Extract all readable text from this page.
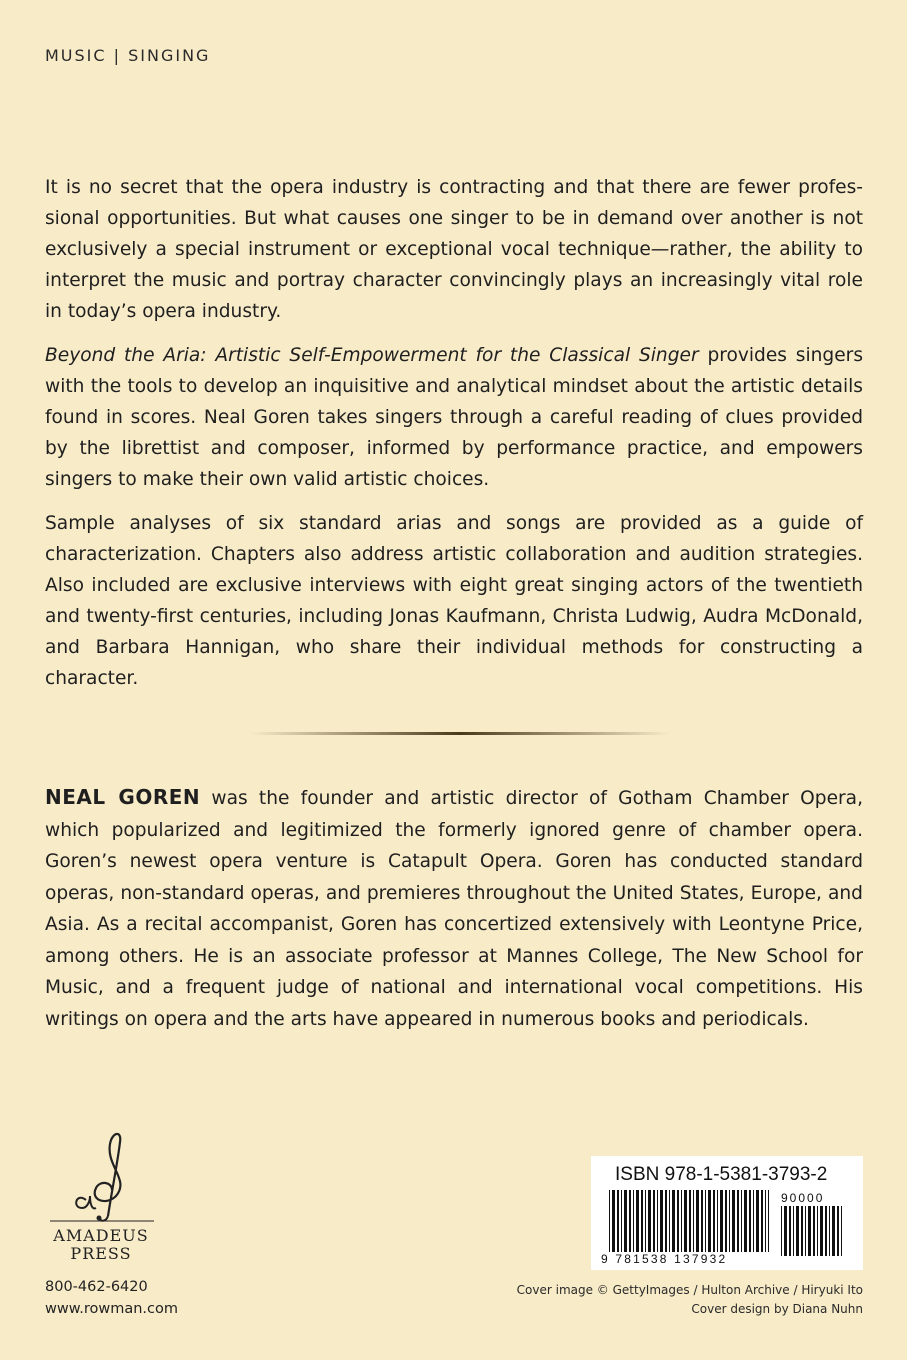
MUSIC | SINGING

It is no secret that the opera industry is contracting and that there are fewer professional opportunities. But what causes one singer to be in demand over another is not exclusively a special instrument or exceptional vocal technique—rather, the ability to interpret the music and portray character convincingly plays an increasingly vital role in today’s opera industry.

Beyond the Aria: Artistic Self-Empowerment for the Classical Singer provides singers with the tools to develop an inquisitive and analytical mindset about the artistic details found in scores. Neal Goren takes singers through a careful reading of clues provided by the librettist and composer, informed by performance practice, and empowers singers to make their own valid artistic choices.

Sample analyses of six standard arias and songs are provided as a guide of characterization. Chapters also address artistic collaboration and audition strategies. Also included are exclusive interviews with eight great singing actors of the twentieth and twenty-first centuries, including Jonas Kaufmann, Christa Ludwig, Audra McDonald, and Barbara Hannigan, who share their individual methods for constructing a character.

NEAL GOREN was the founder and artistic director of Gotham Chamber Opera, which popularized and legitimized the formerly ignored genre of chamber opera. Goren’s newest opera venture is Catapult Opera. Goren has conducted standard operas, non-standard operas, and premieres throughout the United States, Europe, and Asia. As a recital accompanist, Goren has concertized extensively with Leontyne Price, among others. He is an associate professor at Mannes College, The New School for Music, and a frequent judge of national and international vocal competitions. His writings on opera and the arts have appeared in numerous books and periodicals.

AMADEUS
PRESS
800-462-6420
www.rowman.com
ISBN 978-1-5381-3793-2
90000
9 781538 137932
Cover image © GettyImages / Hulton Archive / Hiryuki Ito
Cover design by Diana Nuhn
